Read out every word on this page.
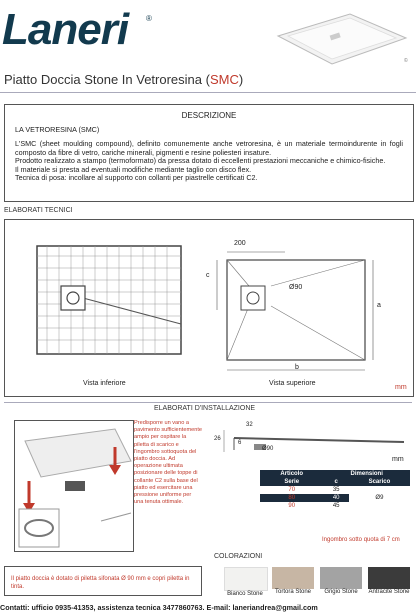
Laneri ®
©
Piatto Doccia Stone In Vetroresina (SMC)
DESCRIZIONE
LA VETRORESINA (SMC)
L'SMC (sheet moulding compound), definito comunemente anche vetroresina, è un materiale termoindurente in fogli composto da fibre di vetro, cariche minerali, pigmenti e resine poliesteri insature.
Prodotto realizzato a stampo (termoformato) da pressa dotato di eccellenti prestazioni meccaniche e chimico-fisiche.
Il materiale si presta ad eventuali modifiche mediante taglio con disco flex.
Tecnica di posa: incollare al supporto con collanti per piastrelle certificati C2.
ELABORATI TECNICI
Vista inferiore
200
c
a
b
Ø90
Vista superiore
mm
ELABORATI D'INSTALLAZIONE
Predisporre un vano a pavimento sufficientemente ampio per ospitare la piletta di scarico e l'ingombro sottoquota del piatto doccia. Ad operazione ultimata posizionare delle toppe di collante C2 sulla base del piatto ed esercitare una pressione uniforme per una tenuta ottimale.
26
6
32
Ø90
mm
Articolo	Dimensioni	
Serie	c	Scarico
70	35	
80	40	Ø9
90	45	
Ingombro sotto quota di 7 cm
COLORAZIONI
Bianco Stone	Tortora Stone	Grigio Stone	Antracite Stone
Il piatto doccia è dotato di piletta sifonata Ø 90 mm e copri piletta in tinta.
Contatti: ufficio 0935-41353, assistenza tecnica 3477860763. E-mail: laneriandrea@gmail.com
